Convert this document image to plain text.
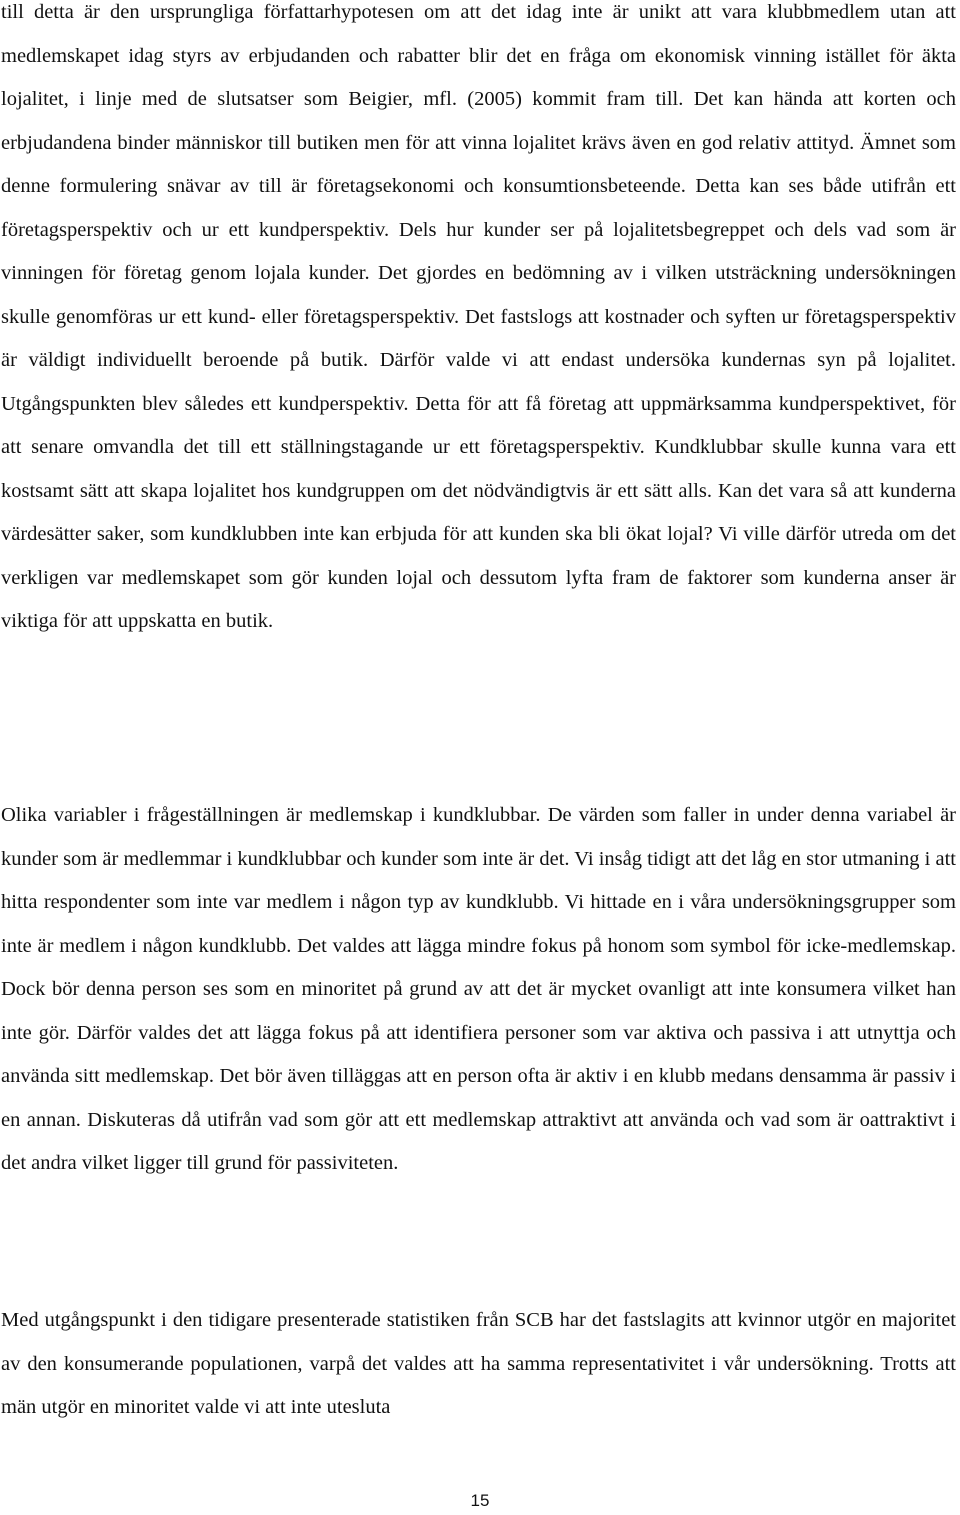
till detta är den ursprungliga författarhypotesen om att det idag inte är unikt att vara klubbmedlem utan att medlemskapet idag styrs av erbjudanden och rabatter blir det en fråga om ekonomisk vinning istället för äkta lojalitet, i linje med de slutsatser som Beigier, mfl. (2005) kommit fram till. Det kan hända att korten och erbjudandena binder människor till butiken men för att vinna lojalitet krävs även en god relativ attityd. Ämnet som denne formulering snävar av till är företagsekonomi och konsumtionsbeteende. Detta kan ses både utifrån ett företagsperspektiv och ur ett kundperspektiv. Dels hur kunder ser på lojalitetsbegreppet och dels vad som är vinningen för företag genom lojala kunder. Det gjordes en bedömning av i vilken utsträckning undersökningen skulle genomföras ur ett kund- eller företagsperspektiv. Det fastslogs att kostnader och syften ur företagsperspektiv är väldigt individuellt beroende på butik. Därför valde vi att endast undersöka kundernas syn på lojalitet. Utgångspunkten blev således ett kundperspektiv. Detta för att få företag att uppmärksamma kundperspektivet, för att senare omvandla det till ett ställningstagande ur ett företagsperspektiv. Kundklubbar skulle kunna vara ett kostsamt sätt att skapa lojalitet hos kundgruppen om det nödvändigtvis är ett sätt alls. Kan det vara så att kunderna värdesätter saker, som kundklubben inte kan erbjuda för att kunden ska bli ökat lojal? Vi ville därför utreda om det verkligen var medlemskapet som gör kunden lojal och dessutom lyfta fram de faktorer som kunderna anser är viktiga för att uppskatta en butik.

Olika variabler i frågeställningen är medlemskap i kundklubbar. De värden som faller in under denna variabel är kunder som är medlemmar i kundklubbar och kunder som inte är det. Vi insåg tidigt att det låg en stor utmaning i att hitta respondenter som inte var medlem i någon typ av kundklubb. Vi hittade en i våra undersökningsgrupper som inte är medlem i någon kundklubb. Det valdes att lägga mindre fokus på honom som symbol för icke-medlemskap. Dock bör denna person ses som en minoritet på grund av att det är mycket ovanligt att inte konsumera vilket han inte gör. Därför valdes det att lägga fokus på att identifiera personer som var aktiva och passiva i att utnyttja och använda sitt medlemskap. Det bör även tilläggas att en person ofta är aktiv i en klubb medans densamma är passiv i en annan. Diskuteras då utifrån vad som gör att ett medlemskap attraktivt att använda och vad som är oattraktivt i det andra vilket ligger till grund för passiviteten.

Med utgångspunkt i den tidigare presenterade statistiken från SCB har det fastslagits att kvinnor utgör en majoritet av den konsumerande populationen, varpå det valdes att ha samma representativitet i vår undersökning. Trotts att män utgör en minoritet valde vi att inte utesluta

15
